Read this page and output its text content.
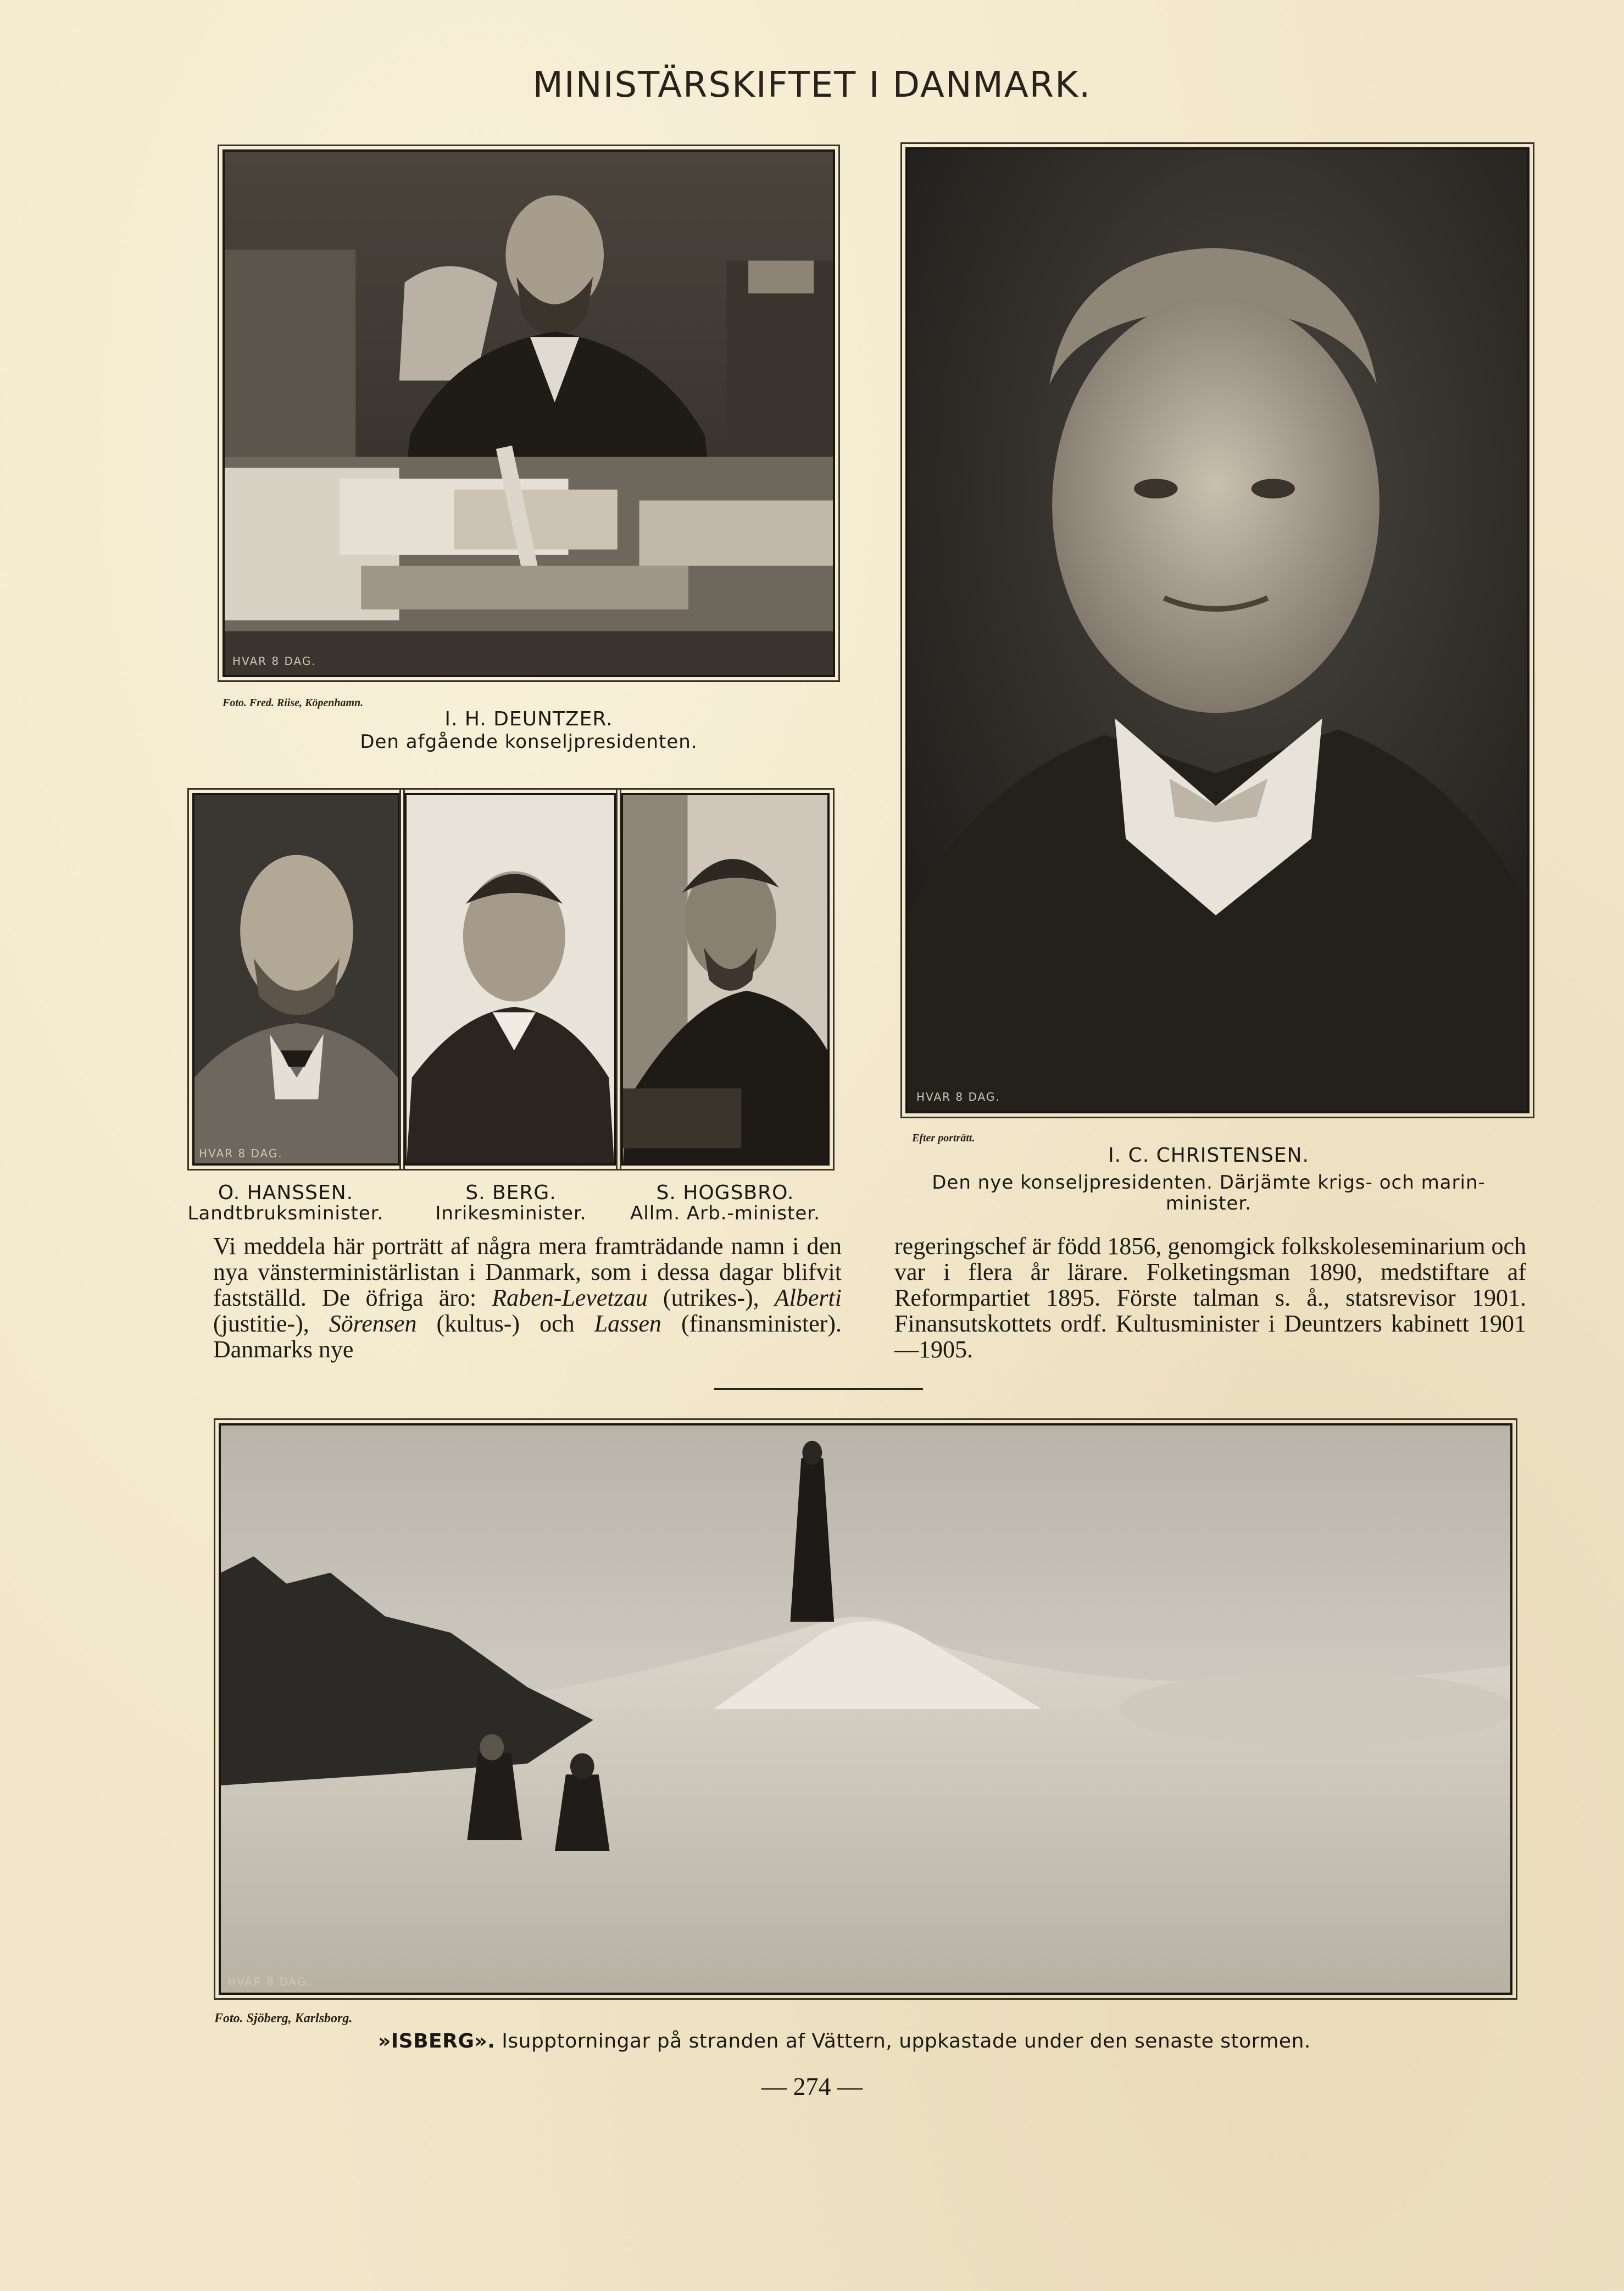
MINISTÄRSKIFTET I DANMARK.
HVAR 8 DAG.
Foto. Fred. Riise, Köpenhamn.
I. H. DEUNTZER.
Den afgående konseljpresidenten.
HVAR 8 DAG.
Efter porträtt.
I. C. CHRISTENSEN.
Den nye konseljpresidenten. Därjämte krigs- och marin-
minister.
HVAR 8 DAG.
O. HANSSEN.	S. BERG.	S. HOGSBRO.
Landtbruksminister.	Inrikesminister.	Allm. Arb.-minister.

Vi meddela här porträtt af några mera framträdande namn i den nya vänsterministärlistan i Danmark, som i dessa dagar blifvit fastställd. De öfriga äro: Raben-Levetzau (utrikes-), Alberti (justitie-), Sörensen (kultus-) och Lassen (finansminister). Danmarks nye

regeringschef är född 1856, genomgick folkskoleseminarium och var i flera år lärare. Folketingsman 1890, medstiftare af Reformpartiet 1895. Förste talman s. å., statsrevisor 1901. Finansutskottets ordf. Kultusminister i Deuntzers kabinett 1901—1905.

HVAR 8 DAG.
Foto. Sjöberg, Karlsborg.
»ISBERG». Isupptorningar på stranden af Vättern, uppkastade under den senaste stormen.
— 274 —
